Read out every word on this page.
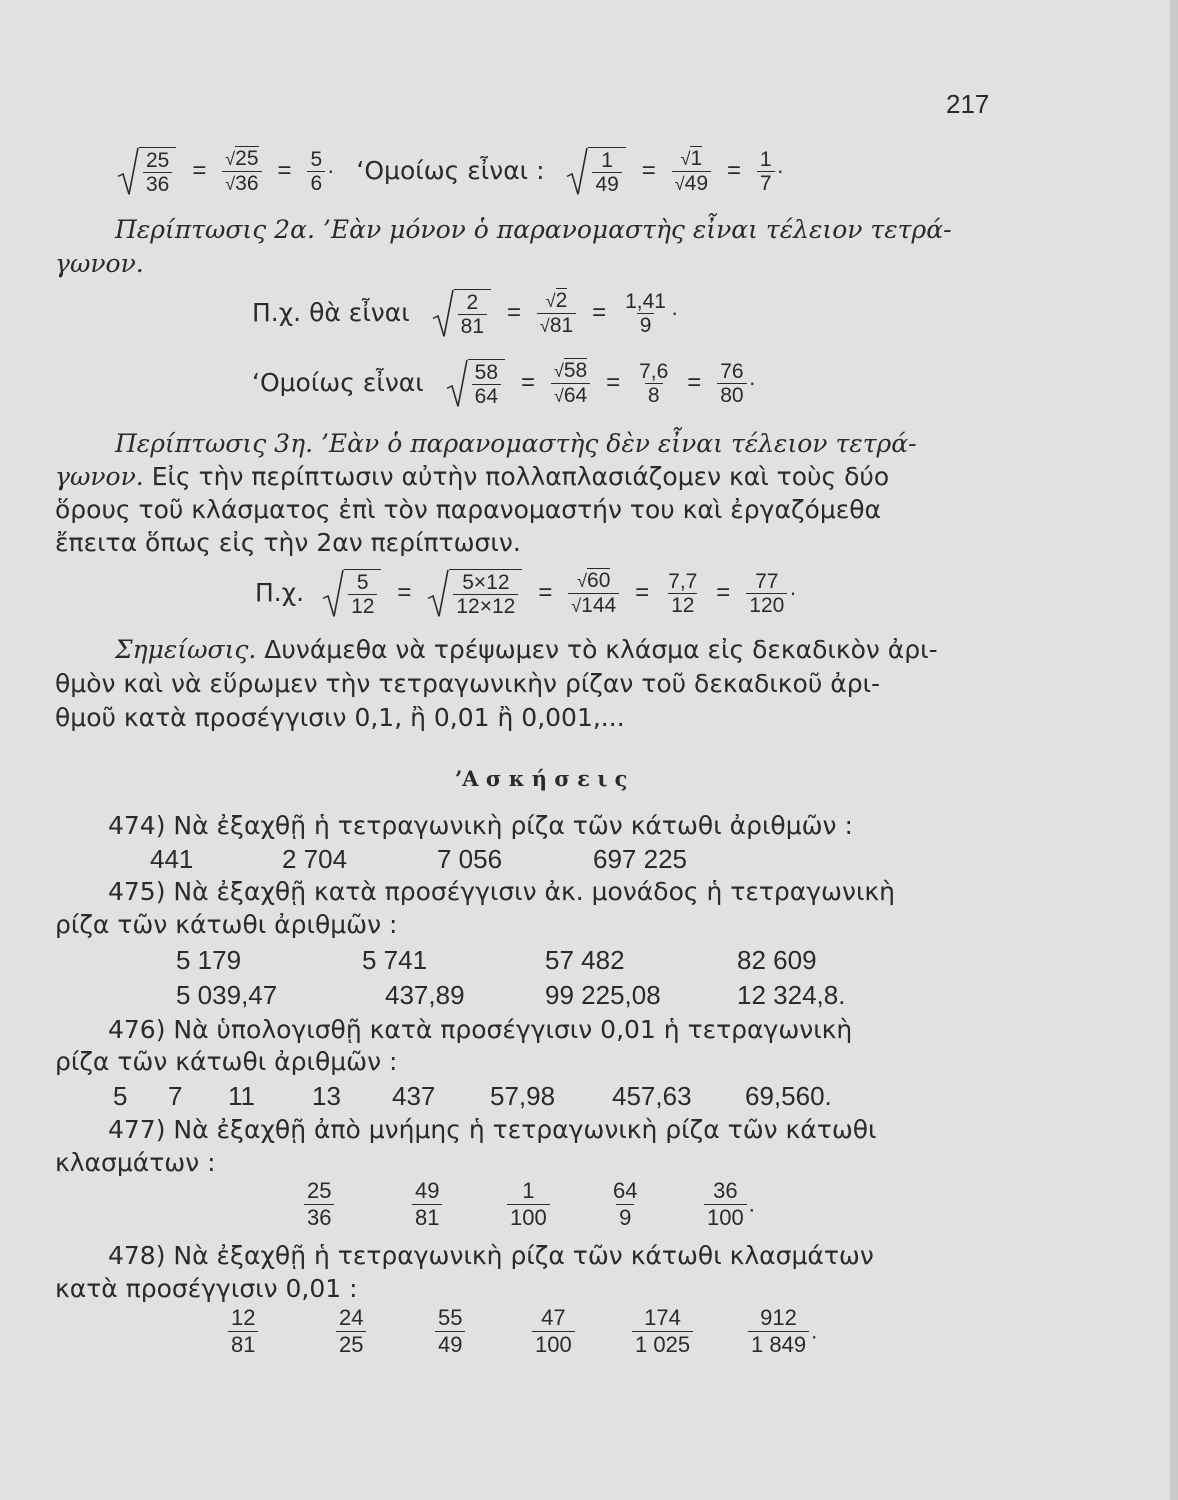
217
$\frac{25}{36} = \frac{√25}{√36} = \frac{5}{6}$ · ‘Ομοίως εἶναι : $\frac{1}{49} = \frac{√1}{√49} = \frac{1}{7}$ ·
Περίπτωσις 2α. ’Εὰν μόνον ὁ παρανομαστὴς εἶναι τέλειον τετρά-
γωνον.
Π.χ. θὰ εἶναι $\frac{2}{81} = \frac{√2}{√81} = \frac{1,41}{9}$ ·
‘Ομοίως εἶναι $\frac{58}{64} = \frac{√58}{√64} = \frac{7,6}{8} = \frac{76}{80}$ ·
Περίπτωσις 3η. ’Εὰν ὁ παρανομαστὴς δὲν εἶναι τέλειον τετρά-
γωνον. Εἰς τὴν περίπτωσιν αὐτὴν πολλαπλασιάζομεν καὶ τοὺς δύο
ὅρους τοῦ κλάσματος ἐπὶ τὸν παρανομαστήν του καὶ ἐργαζόμεθα
ἔπειτα ὅπως εἰς τὴν 2αν περίπτωσιν.
Π.χ. $\frac{5}{12} = \frac{5\times 12}{12\times 12} = \frac{√60}{√144} = \frac{7,7}{12} = \frac{77}{120}$ ·
Σημείωσις. Δυνάμεθα νὰ τρέψωμεν τὸ κλάσμα εἰς δεκαδικὸν ἀρι-
θμὸν καὶ νὰ εὕρωμεν τὴν τετραγωνικὴν ρίζαν τοῦ δεκαδικοῦ ἀρι-
θμοῦ κατὰ προσέγγισιν 0,1, ἢ 0,01 ἢ 0,001,...
’Α σ κ ή σ ε ι ς
474) Νὰ ἐξαχθῇ ἡ τετραγωνικὴ ρίζα τῶν κάτωθι ἀριθμῶν :
441	2 704	7 056	697 225
475) Νὰ ἐξαχθῇ κατὰ προσέγγισιν ἀκ. μονάδος ἡ τετραγωνικὴ
ρίζα τῶν κάτωθι ἀριθμῶν :
5 179	5 741	57 482	82 609
5 039,47	437,89	99 225,08	12 324,8.
476) Νὰ ὑπολογισθῇ κατὰ προσέγγισιν 0,01 ἡ τετραγωνικὴ
ρίζα τῶν κάτωθι ἀριθμῶν :
5 7 11 13 437 57,98 457,63 69,560.
477) Νὰ ἐξαχθῇ ἀπὸ μνήμης ἡ τετραγωνικὴ ρίζα τῶν κάτωθι
κλασμάτων :
$\frac{25}{36}$	$\frac{49}{81}$	$\frac{1}{100}$	$\frac{64}{9}$	$\frac{36}{100}$ .
478) Νὰ ἐξαχθῇ ἡ τετραγωνικὴ ρίζα τῶν κάτωθι κλασμάτων
κατὰ προσέγγισιν 0,01 :
$\frac{12}{81}$	$\frac{24}{25}$	$\frac{55}{49}$	$\frac{47}{100}$	$\frac{174}{1 025} \frac{912}{1 849}$ .
